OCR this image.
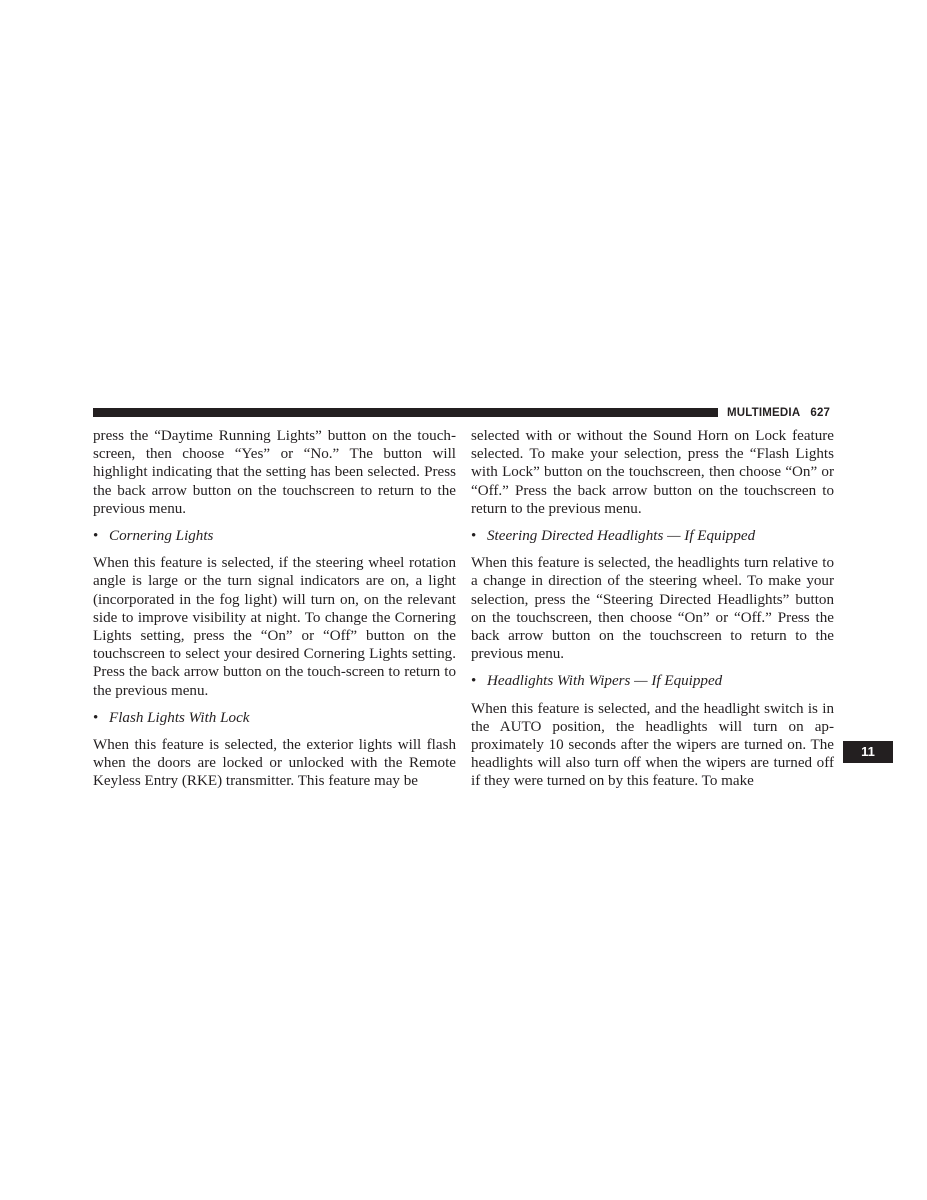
MULTIMEDIA 627

press the “Daytime Running Lights” button on the touch-screen, then choose “Yes” or “No.” The button will highlight indicating that the setting has been selected. Press the back arrow button on the touchscreen to return to the previous menu.

• Cornering Lights

When this feature is selected, if the steering wheel rotation angle is large or the turn signal indicators are on, a light (incorporated in the fog light) will turn on, on the relevant side to improve visibility at night. To change the Cornering Lights setting, press the “On” or “Off” button on the touchscreen to select your desired Cornering Lights setting. Press the back arrow button on the touch-screen to return to the previous menu.

• Flash Lights With Lock

When this feature is selected, the exterior lights will flash when the doors are locked or unlocked with the Remote Keyless Entry (RKE) transmitter. This feature may be

selected with or without the Sound Horn on Lock feature selected. To make your selection, press the “Flash Lights with Lock” button on the touchscreen, then choose “On” or “Off.” Press the back arrow button on the touchscreen to return to the previous menu.

• Steering Directed Headlights — If Equipped

When this feature is selected, the headlights turn relative to a change in direction of the steering wheel. To make your selection, press the “Steering Directed Headlights” button on the touchscreen, then choose “On” or “Off.” Press the back arrow button on the touchscreen to return to the previous menu.

• Headlights With Wipers — If Equipped

When this feature is selected, and the headlight switch is in the AUTO position, the headlights will turn on ap-proximately 10 seconds after the wipers are turned on. The headlights will also turn off when the wipers are turned off if they were turned on by this feature. To make

11
